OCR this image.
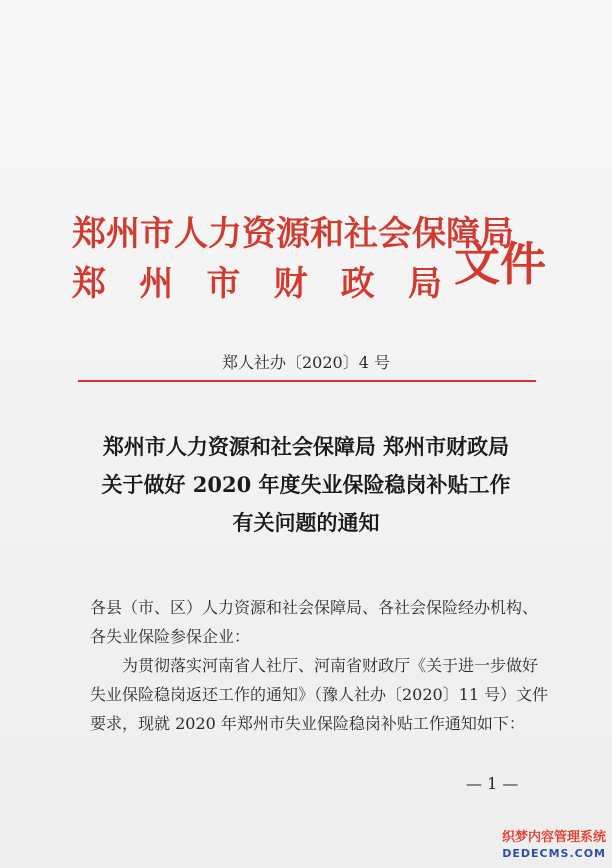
郑州市人力资源和社会保障局
郑 州 市 财 政 局 文件
郑人社办〔2020〕4 号
郑州市人力资源和社会保障局 郑州市财政局
关于做好 2020 年度失业保险稳岗补贴工作
有关问题的通知

各县（市、区）人力资源和社会保障局、各社会保险经办机构、

各失业保险参保企业：

为贯彻落实河南省人社厅、河南省财政厅《关于进一步做好

失业保险稳岗返还工作的通知》（豫人社办〔2020〕11 号）文件

要求，现就 2020 年郑州市失业保险稳岗补贴工作通知如下：

— 1 —
织梦内容管理系统
DEDECMS.COM
